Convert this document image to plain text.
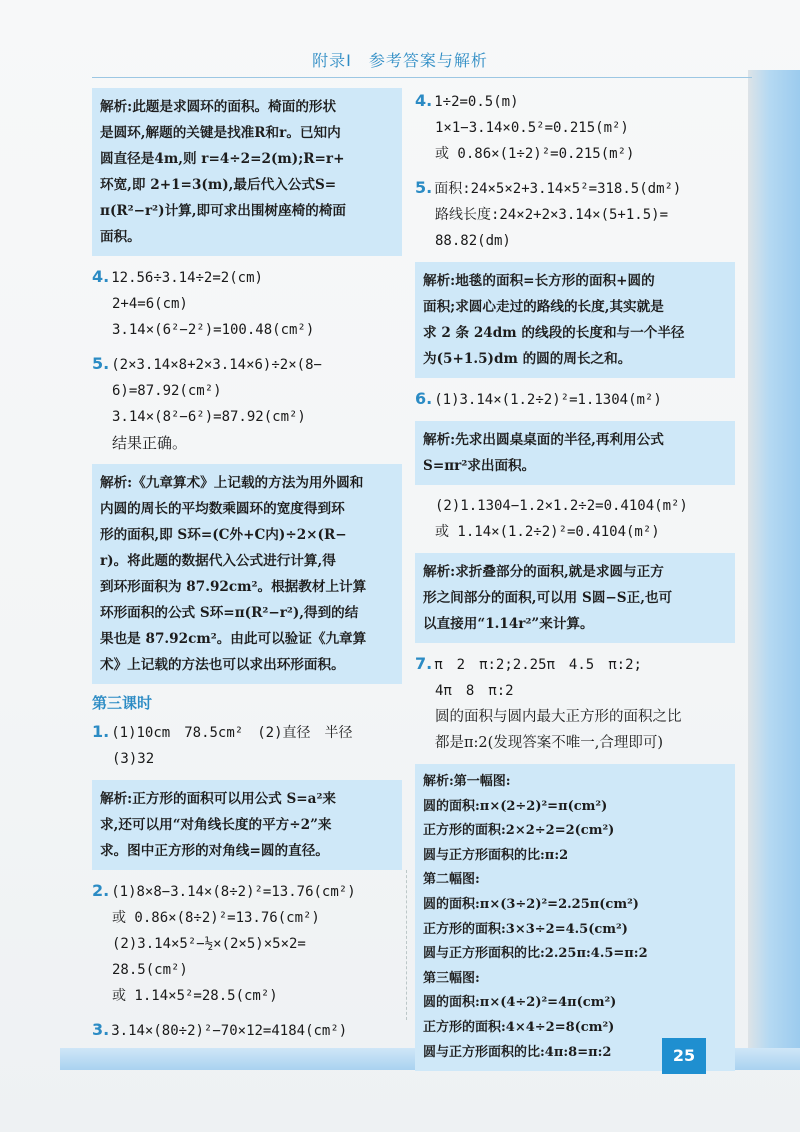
附录Ⅰ　参考答案与解析
解析:此题是求圆环的面积。椅面的形状
是圆环,解题的关键是找准R和r。已知内
圆直径是4m,则 r=4÷2=2(m);R=r+
环宽,即 2+1=3(m),最后代入公式S=
π(R²−r²)计算,即可求出围树座椅的椅面
面积。
4. 12.56÷3.14÷2=2(cm)
2+4=6(cm)
3.14×(6²−2²)=100.48(cm²)
5. (2×3.14×8+2×3.14×6)÷2×(8−
6)=87.92(cm²)
3.14×(8²−6²)=87.92(cm²)
结果正确。
解析:《九章算术》上记载的方法为用外圆和
内圆的周长的平均数乘圆环的宽度得到环
形的面积,即 S环=(C外+C内)÷2×(R−
r)。将此题的数据代入公式进行计算,得
到环形面积为 87.92cm²。根据教材上计算
环形面积的公式 S环=π(R²−r²),得到的结
果也是 87.92cm²。由此可以验证《九章算
术》上记载的方法也可以求出环形面积。
第三课时
1. (1)10cm　78.5cm²　(2)直径　半径
(3)32
解析:正方形的面积可以用公式 S=a²来
求,还可以用“对角线长度的平方÷2”来
求。图中正方形的对角线=圆的直径。
2. (1)8×8−3.14×(8÷2)²=13.76(cm²)
或 0.86×(8÷2)²=13.76(cm²)
(2)3.14×5²−½×(2×5)×5×2=
28.5(cm²)
或 1.14×5²=28.5(cm²)
3. 3.14×(80÷2)²−70×12=4184(cm²)
4. 1÷2=0.5(m)
1×1−3.14×0.5²=0.215(m²)
或 0.86×(1÷2)²=0.215(m²)
5. 面积:24×5×2+3.14×5²=318.5(dm²)
路线长度:24×2+2×3.14×(5+1.5)=
88.82(dm)
解析:地毯的面积=长方形的面积+圆的
面积;求圆心走过的路线的长度,其实就是
求 2 条 24dm 的线段的长度和与一个半径
为(5+1.5)dm 的圆的周长之和。
6. (1)3.14×(1.2÷2)²=1.1304(m²)
解析:先求出圆桌桌面的半径,再利用公式
S=πr²求出面积。
(2)1.1304−1.2×1.2÷2=0.4104(m²)
或 1.14×(1.2÷2)²=0.4104(m²)
解析:求折叠部分的面积,就是求圆与正方
形之间部分的面积,可以用 S圆−S正,也可
以直接用“1.14r²”来计算。
7. π　2　π:2;2.25π　4.5　π:2;
4π　8　π:2
圆的面积与圆内最大正方形的面积之比
都是π:2(发现答案不唯一,合理即可)
解析:第一幅图:
圆的面积:π×(2÷2)²=π(cm²)
正方形的面积:2×2÷2=2(cm²)
圆与正方形面积的比:π:2
第二幅图:
圆的面积:π×(3÷2)²=2.25π(cm²)
正方形的面积:3×3÷2=4.5(cm²)
圆与正方形面积的比:2.25π:4.5=π:2
第三幅图:
圆的面积:π×(4÷2)²=4π(cm²)
正方形的面积:4×4÷2=8(cm²)
圆与正方形面积的比:4π:8=π:2	25
